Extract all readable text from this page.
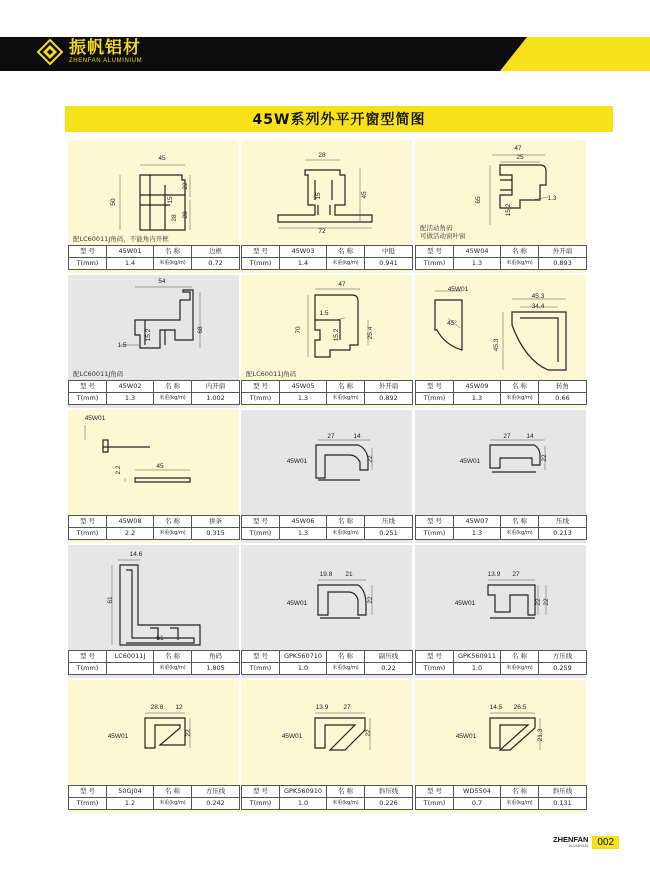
振帆铝材
ZHENFAN ALUMINIUM
45W系列外平开窗型简图
45
50
22
28
15
28
配LC60011J角码，不能角内开框
型 号	45W01	名 称	边框
T(mm)	1.4	米重(kg/m)	0.72
28
15	45
72
型 号	45W03	名 称	中挺
T(mm)	1.4	米重(kg/m)	0.941
47
25
65
15.2
1.3
配活动角码
可做活动窗叶窗
型 号	45W04	名 称	外开扇
T(mm)	1.3	米重(kg/m)	0.893
54
15.2	68
1.5
配LC60011J角码
型 号	45W02	名 称	内开扇
T(mm)	1.3	米重(kg/m)	1.002
47
1.5
70	15.2	25.4
配LC60011J角码
型 号	45W05	名 称	外开扇
T(mm)	1.3	米重(kg/m)	0.892
45W01
45.3
34.4
45.3
45°
型 号	45W09	名 称	转角
T(mm)	1.3	米重(kg/m)	0.66
45W01
45
2.2
型 号	45W08	名 称	拼条
T(mm)	2.2	米重(kg/m)	0.315
27	14
22
45W01
型 号	45W06	名 称	压线
T(mm)	1.3	米重(kg/m)	0.251
27 14
22
45W01
型 号	45W07	名 称	压线
T(mm)	1.3	米重(kg/m)	0.213
14.6
61
61
型 号	LC60011J	名 称	角码
T(mm)		米重(kg/m)	1.805
19.8 21
22
45W01
型 号	GPK560710	名 称	副压线
T(mm)	1.0	米重(kg/m)	0.22
13.9 27
22 22
45W01
型 号	GPK560911	名 称	方压线
T(mm)	1.0	米重(kg/m)	0.259
28.8 12
22
45W01
型 号	50GJ04	名 称	方压线
T(mm)	1.2	米重(kg/m)	0.242
13.9 27
22
45W01
型 号	GPK560910	名 称	斜压线
T(mm)	1.0	米重(kg/m)	0.226
14.5 26.5
21.3
45W01
型 号	WD5504	名 称	斜压线
T(mm)	0.7	米重(kg/m)	0.131
ZHENFAN
ALUMINIUM 002
